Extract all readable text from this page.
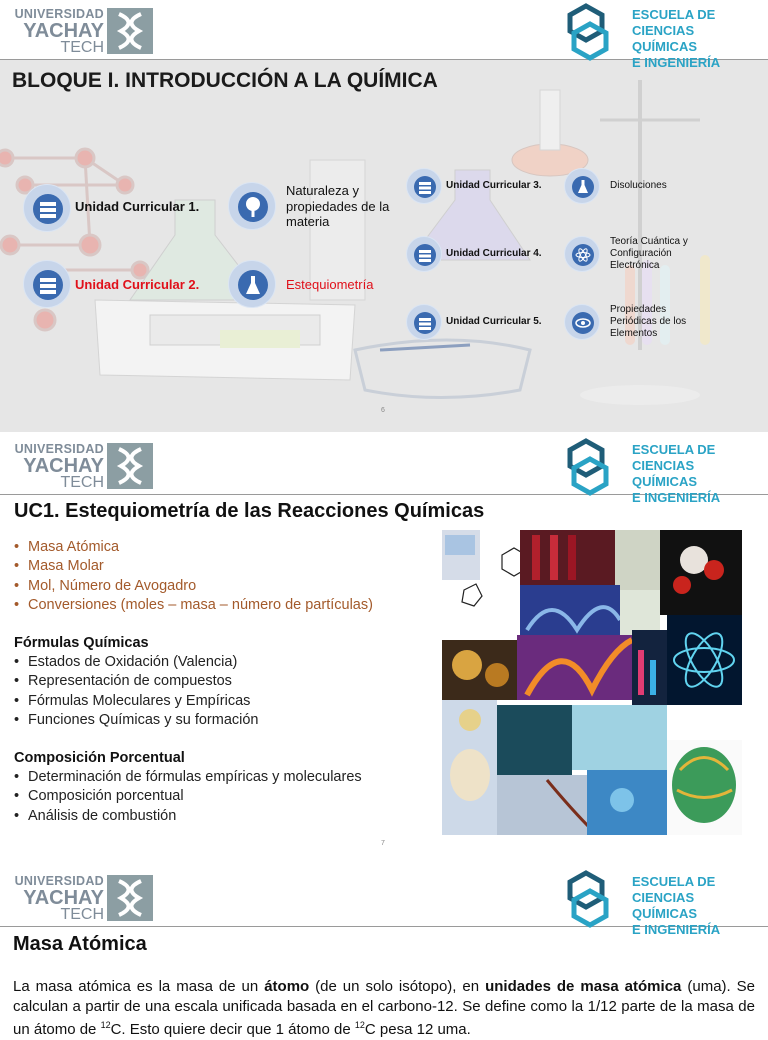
UNIVERSIDAD
YACHAY
TECH
ESCUELA DE
CIENCIAS QUÍMICAS
E INGENIERÍA
BLOQUE I. INTRODUCCIÓN A LA QUÍMICA
Unidad Curricular 1.
Naturaleza y propiedades de la materia
Unidad Curricular 2.	Estequiometría
Unidad Curricular 3.	Disoluciones
Unidad Curricular 4.
Teoría Cuántica y Configuración Electrónica
Unidad Curricular 5.
Propiedades Periódicas de los Elementos
6
UNIVERSIDAD
YACHAY
TECH
ESCUELA DE
CIENCIAS QUÍMICAS
E INGENIERÍA
UC1. Estequiometría de las Reacciones Químicas
• Masa Atómica
• Masa Molar
• Mol, Número de Avogadro
• Conversiones (moles – masa – número de partículas)
Fórmulas Químicas
• Estados de Oxidación (Valencia)
• Representación de compuestos
• Fórmulas Moleculares y Empíricas
• Funciones Químicas y su formación
Composición Porcentual
• Determinación de fórmulas empíricas y moleculares
• Composición porcentual
• Análisis de combustión
7
UNIVERSIDAD
YACHAY
TECH
ESCUELA DE
CIENCIAS QUÍMICAS
E INGENIERÍA
Masa Atómica

La masa atómica es la masa de un átomo (de un solo isótopo), en unidades de masa atómica (uma). Se calculan a partir de una escala unificada basada en el carbono-12. Se define como la 1/12 parte de la masa de un átomo de $^{12}$C. Esto quiere decir que 1 átomo de $^{12}$C pesa 12 uma.
